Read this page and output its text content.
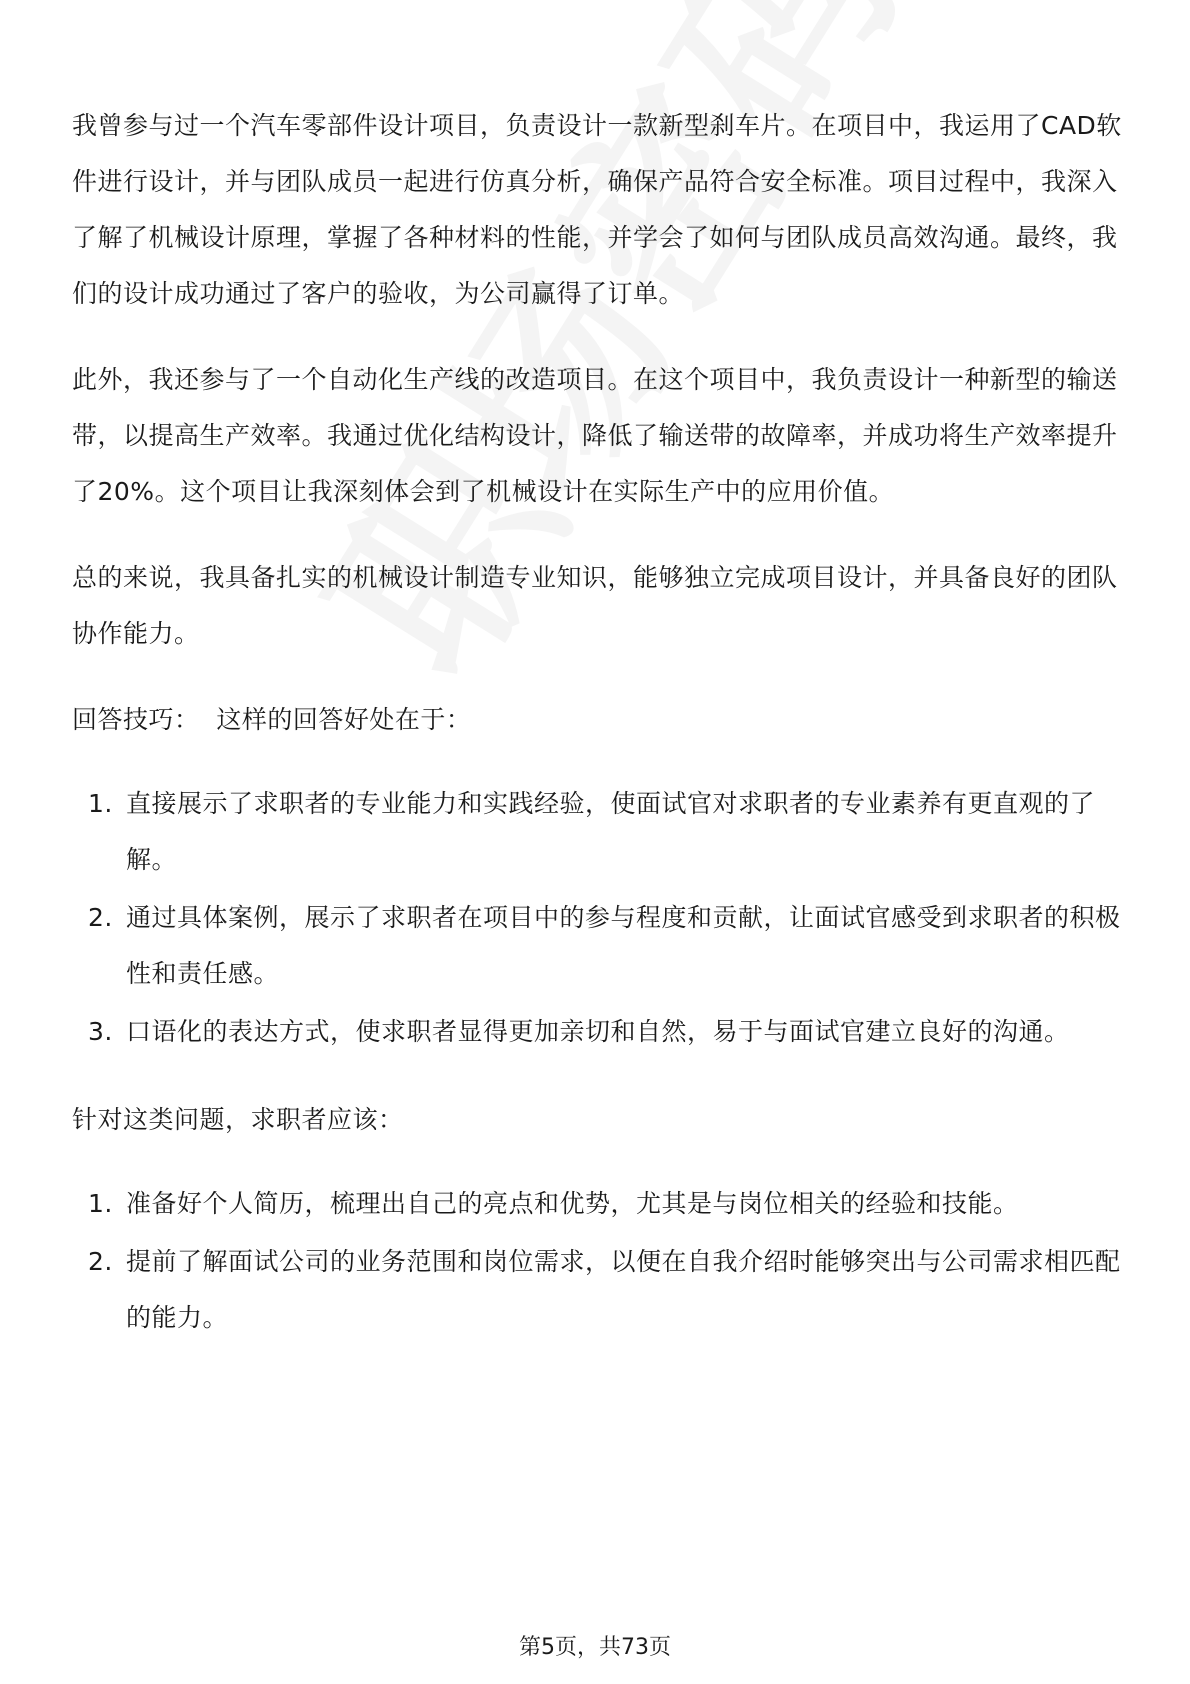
我曾参与过一个汽车零部件设计项目，负责设计一款新型刹车片。在项目中，我运用了CAD软件进行设计，并与团队成员一起进行仿真分析，确保产品符合安全标准。项目过程中，我深入了解了机械设计原理，掌握了各种材料的性能，并学会了如何与团队成员高效沟通。最终，我们的设计成功通过了客户的验收，为公司赢得了订单。

此外，我还参与了一个自动化生产线的改造项目。在这个项目中，我负责设计一种新型的输送带，以提高生产效率。我通过优化结构设计，降低了输送带的故障率，并成功将生产效率提升了20%。这个项目让我深刻体会到了机械设计在实际生产中的应用价值。

总的来说，我具备扎实的机械设计制造专业知识，能够独立完成项目设计，并具备良好的团队协作能力。

回答技巧： 这样的回答好处在于：

1. 直接展示了求职者的专业能力和实践经验，使面试官对求职者的专业素养有更直观的了解。
2. 通过具体案例，展示了求职者在项目中的参与程度和贡献，让面试官感受到求职者的积极性和责任感。
3. 口语化的表达方式，使求职者显得更加亲切和自然，易于与面试官建立良好的沟通。

针对这类问题，求职者应该：

1. 准备好个人简历，梳理出自己的亮点和优势，尤其是与岗位相关的经验和技能。
2. 提前了解面试公司的业务范围和岗位需求，以便在自我介绍时能够突出与公司需求相匹配的能力。
第5页，共73页
